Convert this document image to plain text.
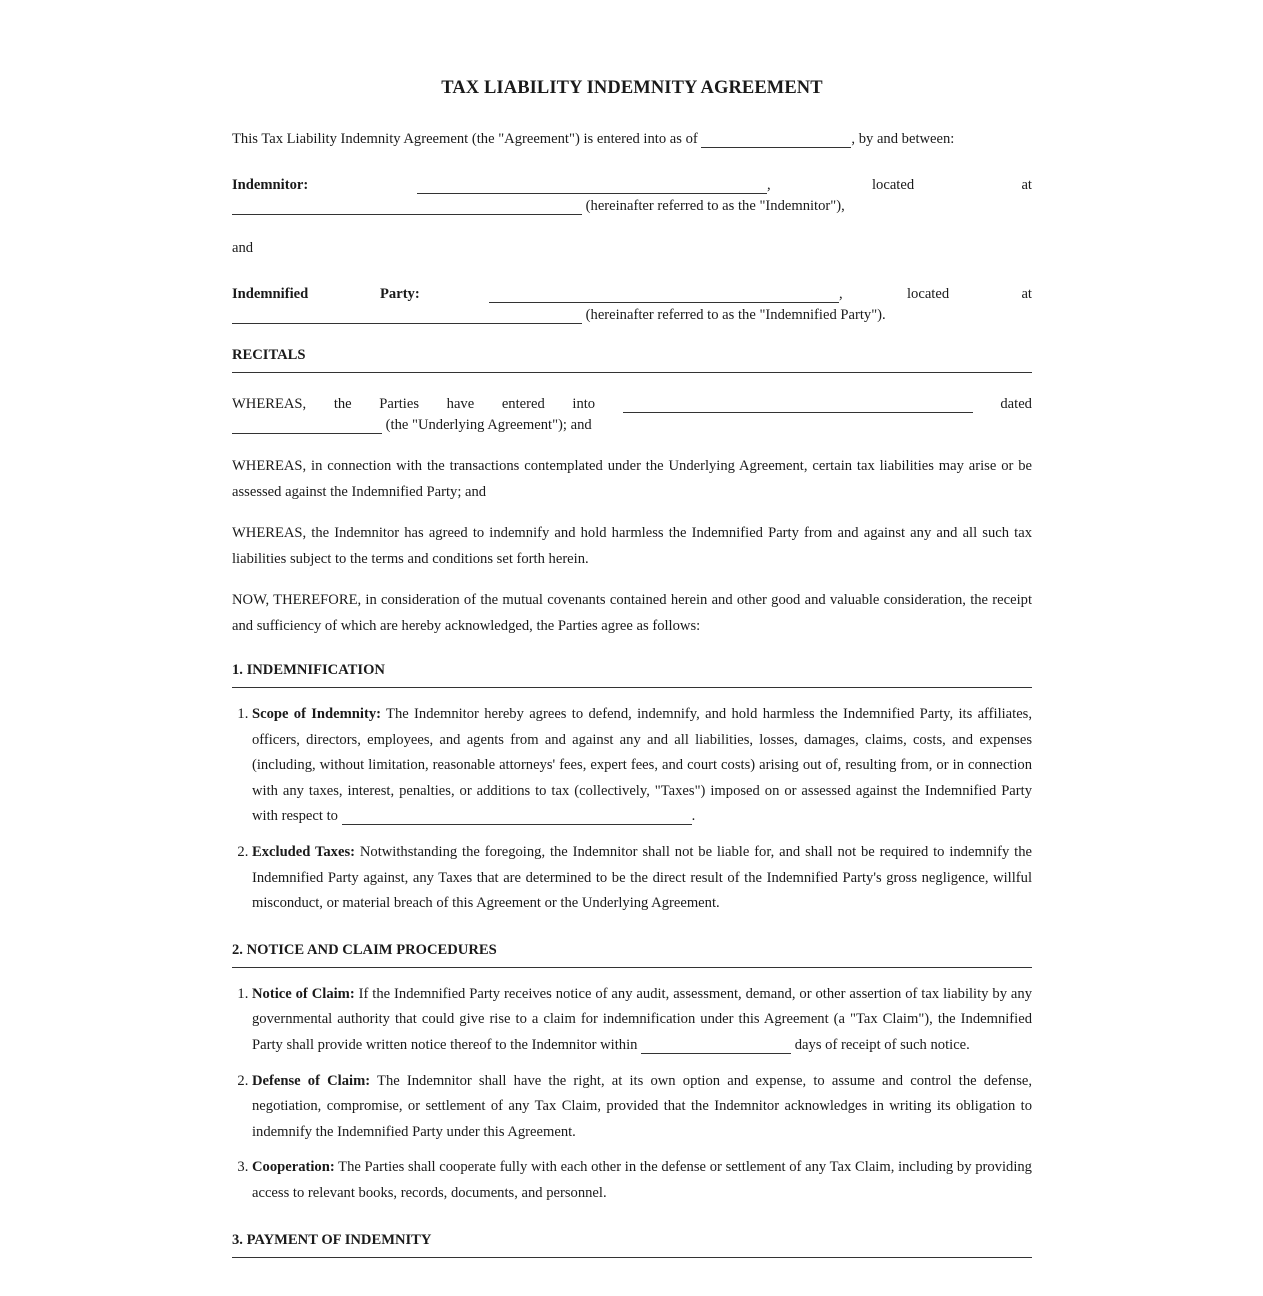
TAX LIABILITY INDEMNITY AGREEMENT

This Tax Liability Indemnity Agreement (the "Agreement") is entered into as of	, by and between:

Indemnitor:	,	located	at

(hereinafter referred to as the "Indemnitor"),

and

Indemnified	Party:	,	located	at

(hereinafter referred to as the "Indemnified Party").

RECITALS
WHEREAS, the Parties have entered into	dated

(the "Underlying Agreement"); and

WHEREAS, in connection with the transactions contemplated under the Underlying Agreement, certain tax liabilities may arise or be assessed against the Indemnified Party; and

WHEREAS, the Indemnitor has agreed to indemnify and hold harmless the Indemnified Party from and against any and all such tax liabilities subject to the terms and conditions set forth herein.

NOW, THEREFORE, in consideration of the mutual covenants contained herein and other good and valuable consideration, the receipt and sufficiency of which are hereby acknowledged, the Parties agree as follows:

1. INDEMNIFICATION
1. Scope of Indemnity: The Indemnitor hereby agrees to defend, indemnify, and hold harmless the Indemnified Party, its affiliates, officers, directors, employees, and agents from and against any and all liabilities, losses, damages, claims, costs, and expenses (including, without limitation, reasonable attorneys' fees, expert fees, and court costs) arising out of, resulting from, or in connection with any taxes, interest, penalties, or additions to tax (collectively, "Taxes") imposed on or assessed against the Indemnified Party with respect to	.
2. Excluded Taxes: Notwithstanding the foregoing, the Indemnitor shall not be liable for, and shall not be required to indemnify the Indemnified Party against, any Taxes that are determined to be the direct result of the Indemnified Party's gross negligence, willful misconduct, or material breach of this Agreement or the Underlying Agreement.
2. NOTICE AND CLAIM PROCEDURES
1. Notice of Claim: If the Indemnified Party receives notice of any audit, assessment, demand, or other assertion of tax liability by any governmental authority that could give rise to a claim for indemnification under this Agreement (a "Tax Claim"), the Indemnified Party shall provide written notice thereof to the Indemnitor within	days of receipt of such notice.
2. Defense of Claim: The Indemnitor shall have the right, at its own option and expense, to assume and control the defense, negotiation, compromise, or settlement of any Tax Claim, provided that the Indemnitor acknowledges in writing its obligation to indemnify the Indemnified Party under this Agreement.
3. Cooperation: The Parties shall cooperate fully with each other in the defense or settlement of any Tax Claim, including by providing access to relevant books, records, documents, and personnel.
3. PAYMENT OF INDEMNITY
